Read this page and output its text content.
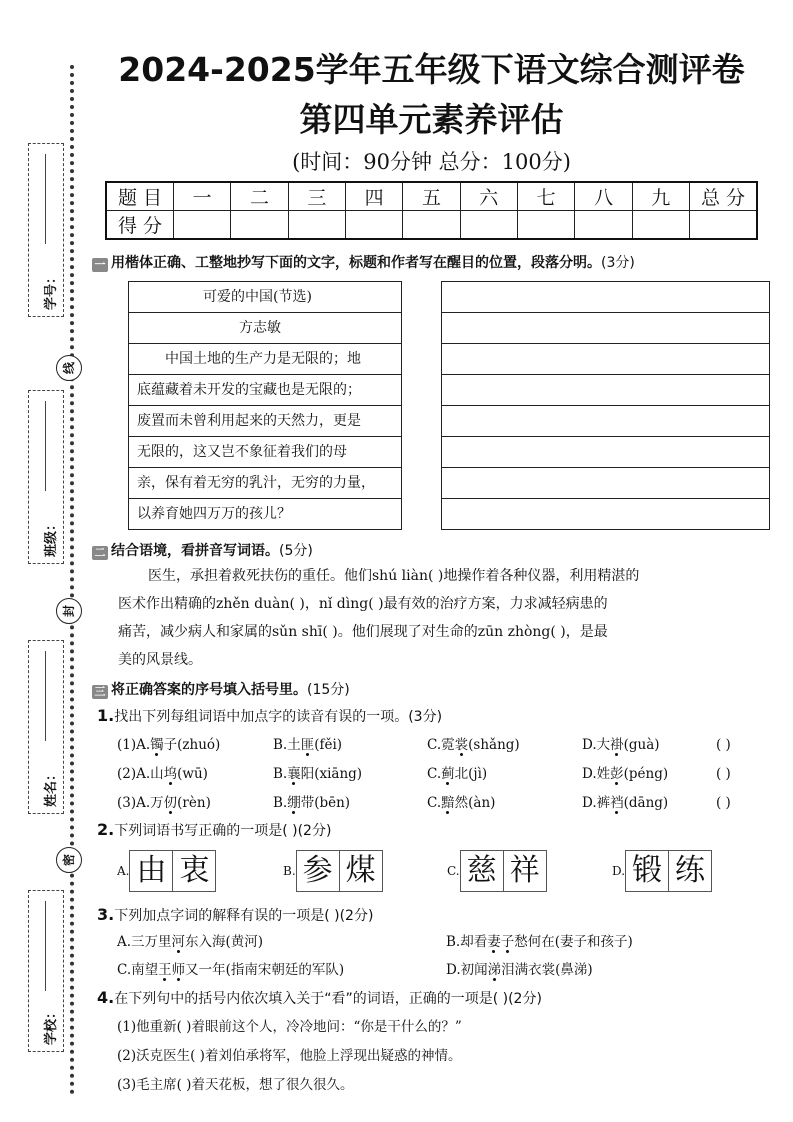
学号：
班级：
姓名：
学校：
线
封
密
2024-2025学年五年级下语文综合测评卷
第四单元素养评估
(时间：90分钟 总分：100分)
题 目	一	二	三	四	五	六	七	八	九	总 分
得 分										
一 用楷体正确、工整地抄写下面的文字，标题和作者写在醒目的位置，段落分明。(3分)
可爱的中国(节选)
方志敏
中国土地的生产力是无限的；地
底蕴藏着未开发的宝藏也是无限的；
废置而未曾利用起来的天然力，更是
无限的，这又岂不象征着我们的母
亲，保有着无穷的乳汁，无穷的力量，
以养育她四万万的孩儿？
二 结合语境，看拼音写词语。(5分)
医生，承担着救死扶伤的重任。他们shú liàn( )地操作着各种仪器，利用精湛的
医术作出精确的zhěn duàn( )，nǐ dìng( )最有效的治疗方案，力求减轻病患的
痛苦，减少病人和家属的sǔn shī( )。他们展现了对生命的zūn zhòng( )，是最
美的风景线。
三 将正确答案的序号填入括号里。(15分)
1.找出下列每组词语中加点字的读音有误的一项。(3分)
(1)A.镯子(zhuó)	B.土匪(fěi)	C.霓裳(shǎng)	D.大褂(guà)	( )
(2)A.山坞(wū)	B.襄阳(xiāng)	C.蓟北(jì)	D.姓彭(péng)	( )
(3)A.万仞(rèn)	B.绷带(bēn)	C.黯然(àn)	D.裤裆(dāng)	( )
2.下列词语书写正确的一项是( )(2分)
A. 由 衷	B. 参 煤	C. 慈 祥	D. 锻 练
3.下列加点字词的解释有误的一项是( )(2分)
A.三万里河东入海(黄河)	B.却看妻子愁何在(妻子和孩子)
C.南望王师又一年(指南宋朝廷的军队)	D.初闻涕泪满衣裳(鼻涕)
4.在下列句中的括号内依次填入关于“看”的词语，正确的一项是( )(2分)
(1)他重新( )着眼前这个人，冷冷地问：“你是干什么的？”
(2)沃克医生( )着刘伯承将军，他脸上浮现出疑惑的神情。
(3)毛主席( )着天花板，想了很久很久。
